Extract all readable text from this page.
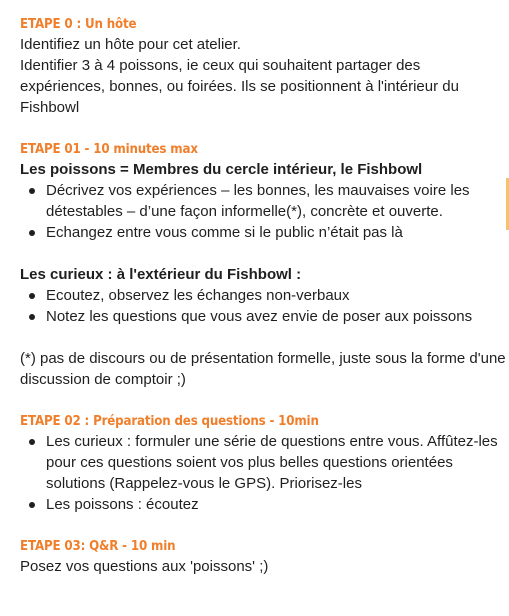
ETAPE 0 : Un hôte

Identifiez un hôte pour cet atelier.

Identifier 3 à 4 poissons, ie ceux qui souhaitent partager des expériences, bonnes, ou foirées. Ils se positionnent à l'intérieur du Fishbowl

ETAPE 01 - 10 minutes max

Les poissons = Membres du cercle intérieur, le Fishbowl

Décrivez vos expériences – les bonnes, les mauvaises voire les détestables – d’une façon informelle(*), concrète et ouverte.
Echangez entre vous comme si le public n’était pas là

Les curieux : à l'extérieur du Fishbowl :

Ecoutez, observez les échanges non-verbaux
Notez les questions que vous avez envie de poser aux poissons

(*) pas de discours ou de présentation formelle, juste sous la forme d'une discussion de comptoir ;)

ETAPE 02 : Préparation des questions - 10min
Les curieux : formuler une série de questions entre vous. Affûtez-les pour ces questions soient vos plus belles questions orientées solutions (Rappelez-vous le GPS). Priorisez-les
Les poissons : écoutez
ETAPE 03: Q&R - 10 min

Posez vos questions aux 'poissons' ;)
